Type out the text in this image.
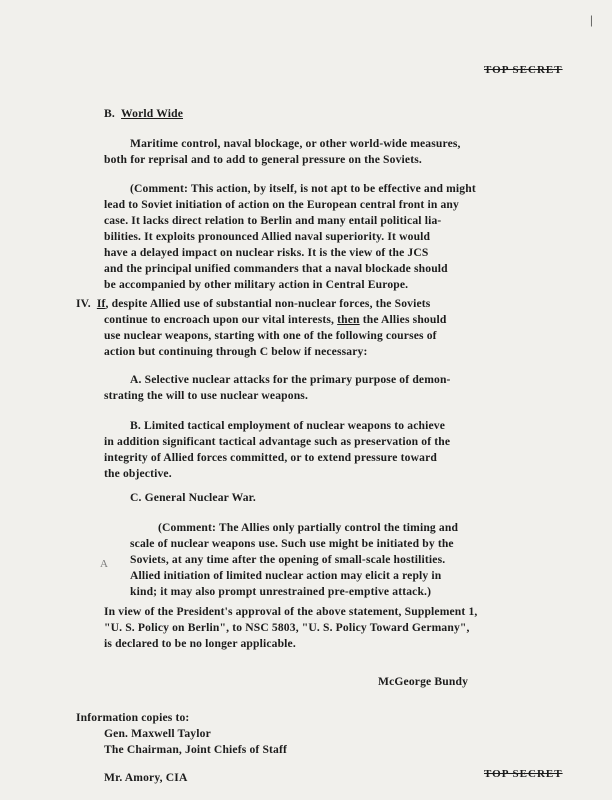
|
TOP SECRET
B. World Wide
Maritime control, naval blockage, or other world-wide measures,
both for reprisal and to add to general pressure on the Soviets.
(Comment: This action, by itself, is not apt to be effective and might
lead to Soviet initiation of action on the European central front in any
case. It lacks direct relation to Berlin and many entail political lia-
bilities. It exploits pronounced Allied naval superiority. It would
have a delayed impact on nuclear risks. It is the view of the JCS
and the principal unified commanders that a naval blockade should
be accompanied by other military action in Central Europe.
IV. If, despite Allied use of substantial non-nuclear forces, the Soviets
continue to encroach upon our vital interests, then the Allies should
use nuclear weapons, starting with one of the following courses of
action but continuing through C below if necessary:
A. Selective nuclear attacks for the primary purpose of demon-
strating the will to use nuclear weapons.
B. Limited tactical employment of nuclear weapons to achieve
in addition significant tactical advantage such as preservation of the
integrity of Allied forces committed, or to extend pressure toward
the objective.
C. General Nuclear War.
(Comment: The Allies only partially control the timing and
scale of nuclear weapons use. Such use might be initiated by the
Soviets, at any time after the opening of small-scale hostilities.
Allied initiation of limited nuclear action may elicit a reply in
kind; it may also prompt unrestrained pre-emptive attack.)
A
In view of the President's approval of the above statement, Supplement 1,
"U. S. Policy on Berlin", to NSC 5803, "U. S. Policy Toward Germany",
is declared to be no longer applicable.
McGeorge Bundy
Information copies to:
Gen. Maxwell Taylor
The Chairman, Joint Chiefs of Staff
Mr. Amory, CIA	TOP SECRET
